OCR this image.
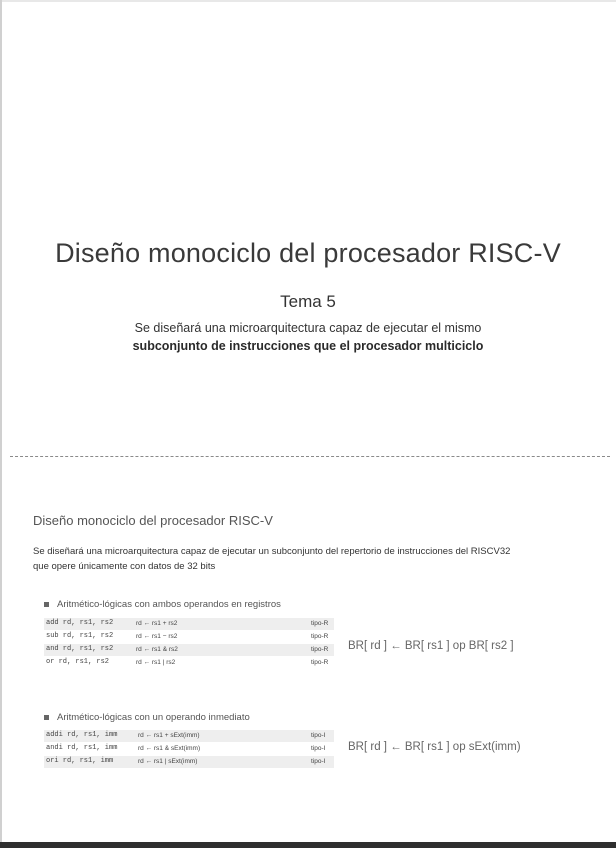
Diseño monociclo del procesador RISC-V
Tema 5
Se diseñará una microarquitectura capaz de ejecutar el mismo
subconjunto de instrucciones que el procesador multiciclo
Diseño monociclo del procesador RISC-V
Se diseñará una microarquitectura capaz de ejecutar un subconjunto del repertorio de instrucciones del RISCV32
que opere únicamente con datos de 32 bits
Aritmético-lógicas con ambos operandos en registros
add rd, rs1, rs2	rd ← rs1 + rs2	tipo-R
sub rd, rs1, rs2	rd ← rs1 − rs2	tipo-R
and rd, rs1, rs2	rd ← rs1 & rs2	tipo-R
or rd, rs1, rs2	rd ← rs1 | rs2	tipo-R
BR[ rd ] ← BR[ rs1 ] op BR[ rs2 ]
Aritmético-lógicas con un operando inmediato
addi rd, rs1, imm	rd ← rs1 + sExt(imm)	tipo-I
andi rd, rs1, imm	rd ← rs1 & sExt(imm)	tipo-I
ori rd, rs1, imm	rd ← rs1 | sExt(imm)	tipo-I
BR[ rd ] ← BR[ rs1 ] op sExt(imm)
